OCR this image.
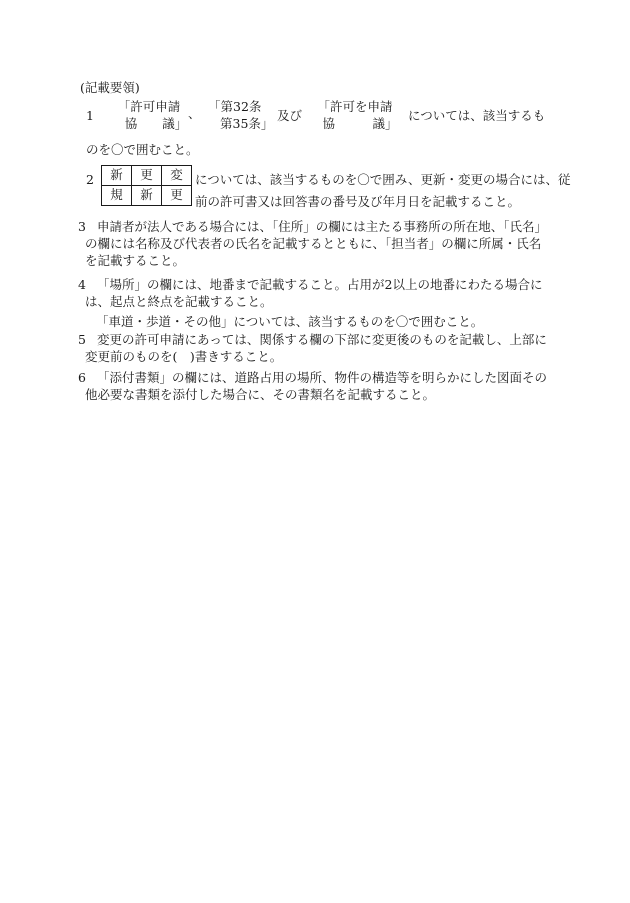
(記載要領)
1
「許可申請
協　　議」
、 「第32条
第35条」
及び
「許可を申請
協　　　議」
については、該当するも
のを〇で囲むこと。
2 新	更	変
規	新	更
については、該当するものを〇で囲み、更新・変更の場合には、従
前の許可書又は回答書の番号及び年月日を記載すること。
3 申請者が法人である場合には、「住所」の欄には主たる事務所の所在地、「氏名」の欄には名称及び代表者の氏名を記載するとともに、「担当者」の欄に所属・氏名を記載すること。
4 「場所」の欄には、地番まで記載すること。占用が2以上の地番にわたる場合には、起点と終点を記載すること。
「車道・歩道・その他」については、該当するものを〇で囲むこと。
5 変更の許可申請にあっては、関係する欄の下部に変更後のものを記載し、上部に変更前のものを(　)書きすること。
6 「添付書類」の欄には、道路占用の場所、物件の構造等を明らかにした図面その他必要な書類を添付した場合に、その書類名を記載すること。
